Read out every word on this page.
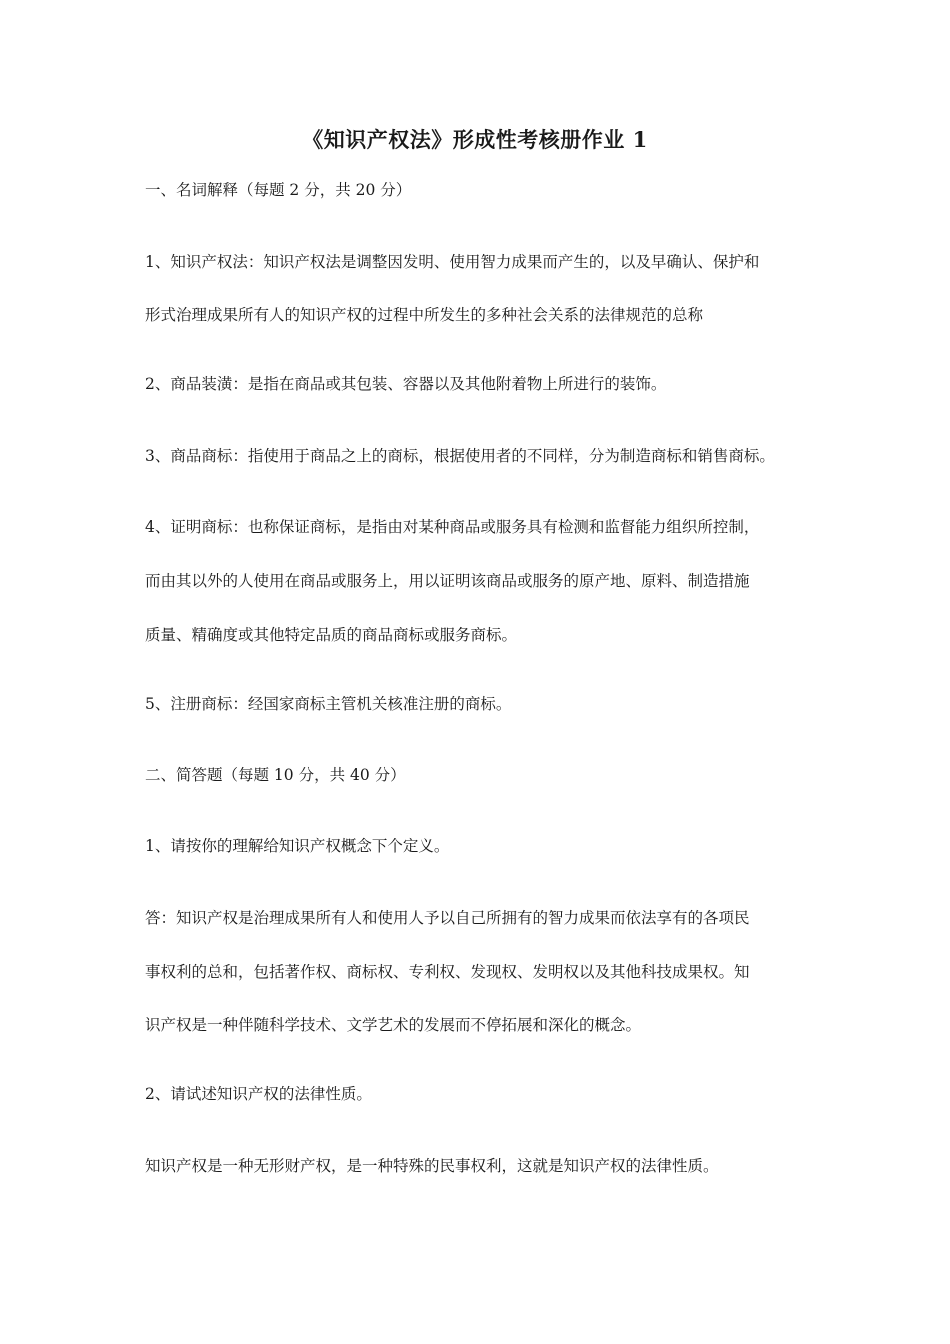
《知识产权法》形成性考核册作业 1
一、名词解释（每题 2 分，共 20 分）
1、知识产权法：知识产权法是调整因发明、使用智力成果而产生的，以及早确认、保护和
形式治理成果所有人的知识产权的过程中所发生的多种社会关系的法律规范的总称
2、商品装潢：是指在商品或其包装、容器以及其他附着物上所进行的装饰。
3、商品商标：指使用于商品之上的商标，根据使用者的不同样，分为制造商标和销售商标。
4、证明商标：也称保证商标，是指由对某种商品或服务具有检测和监督能力组织所控制，
而由其以外的人使用在商品或服务上，用以证明该商品或服务的原产地、原料、制造措施
质量、精确度或其他特定品质的商品商标或服务商标。
5、注册商标：经国家商标主管机关核准注册的商标。
二、简答题（每题 10 分，共 40 分）
1、请按你的理解给知识产权概念下个定义。
答：知识产权是治理成果所有人和使用人予以自己所拥有的智力成果而依法享有的各项民
事权利的总和，包括著作权、商标权、专利权、发现权、发明权以及其他科技成果权。知
识产权是一种伴随科学技术、文学艺术的发展而不停拓展和深化的概念。
2、请试述知识产权的法律性质。
知识产权是一种无形财产权，是一种特殊的民事权利，这就是知识产权的法律性质。
